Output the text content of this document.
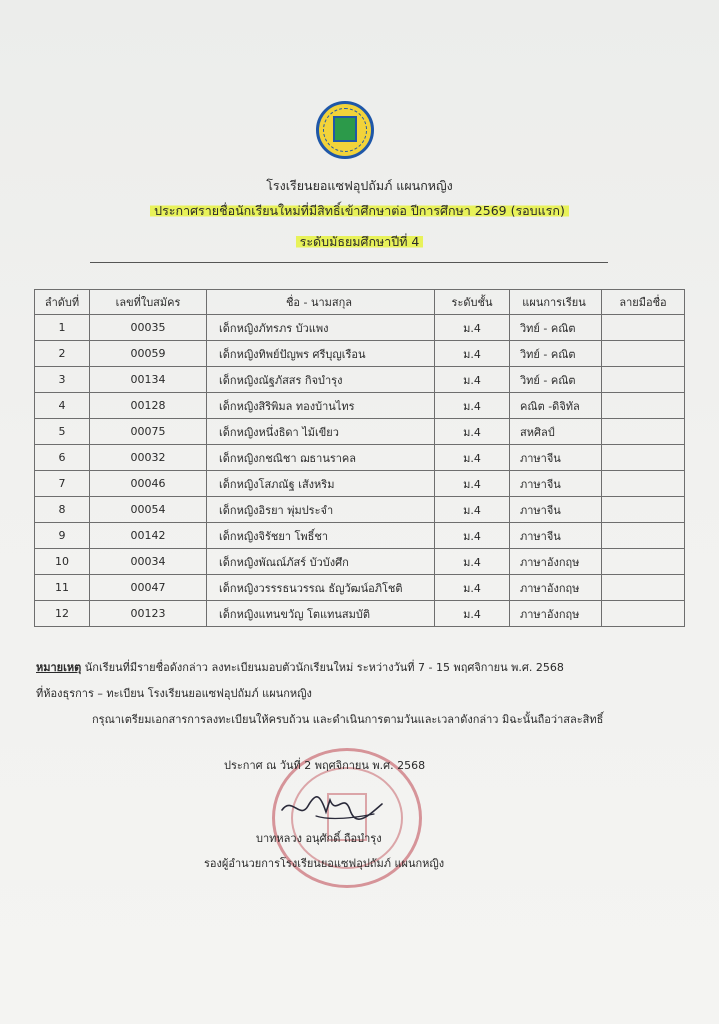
โรงเรียนยอแซฟอุปถัมภ์ แผนกหญิง
ประกาศรายชื่อนักเรียนใหม่ที่มีสิทธิ์เข้าศึกษาต่อ ปีการศึกษา 2569 (รอบแรก)
ระดับมัธยมศึกษาปีที่ 4
ลำดับที่	เลขที่ใบสมัคร	ชื่อ - นามสกุล	ระดับชั้น	แผนการเรียน	ลายมือชื่อ
1	00035	เด็กหญิงภัทรภร บัวแพง	ม.4	วิทย์ - คณิต	
2	00059	เด็กหญิงทิพย์ปัญพร ศรีบุญเรือน	ม.4	วิทย์ - คณิต	
3	00134	เด็กหญิงณัฐภัสสร กิจบำรุง	ม.4	วิทย์ - คณิต	
4	00128	เด็กหญิงสิริพิมล ทองบ้านไทร	ม.4	คณิต -ดิจิทัล	
5	00075	เด็กหญิงหนึ่งธิดา ไม้เขียว	ม.4	สหศิลป์	
6	00032	เด็กหญิงกชณิชา ฌธานราคล	ม.4	ภาษาจีน	
7	00046	เด็กหญิงโสภณัฐ เสังหริม	ม.4	ภาษาจีน	
8	00054	เด็กหญิงอิรยา พุ่มประจำ	ม.4	ภาษาจีน	
9	00142	เด็กหญิงจิรัชยา โพธิ์ชา	ม.4	ภาษาจีน	
10	00034	เด็กหญิงพัณณ์ภัสร์ บัวบังศึก	ม.4	ภาษาอังกฤษ	
11	00047	เด็กหญิงวรรรธนวรรณ ธัญวัฒน์อภิโชติ	ม.4	ภาษาอังกฤษ	
12	00123	เด็กหญิงแทนขวัญ โตแทนสมบัติ	ม.4	ภาษาอังกฤษ	
หมายเหตุ นักเรียนที่มีรายชื่อดังกล่าว ลงทะเบียนมอบตัวนักเรียนใหม่ ระหว่างวันที่ 7 - 15 พฤศจิกายน พ.ศ. 2568
ที่ห้องธุรการ – ทะเบียน โรงเรียนยอแซฟอุปถัมภ์ แผนกหญิง
กรุณาเตรียมเอกสารการลงทะเบียนให้ครบถ้วน และดำเนินการตามวันและเวลาดังกล่าว มิฉะนั้นถือว่าสละสิทธิ์
ประกาศ ณ วันที่ 2 พฤศจิกายน พ.ศ. 2568
บาทหลวง อนุศักดิ์ ถือบำรุง
รองผู้อำนวยการโรงเรียนยอแซฟอุปถัมภ์ แผนกหญิง
